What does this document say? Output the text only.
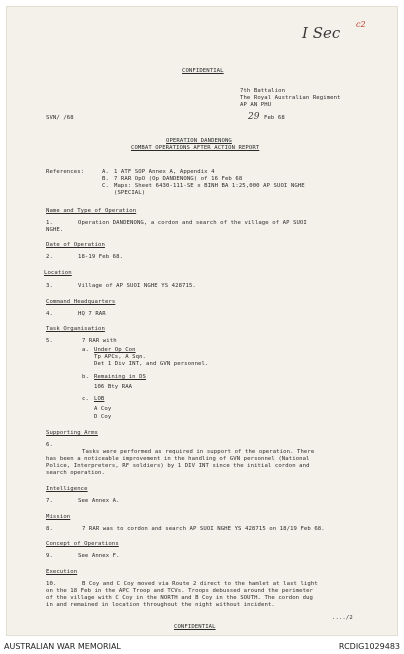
I Sec c2
CONFIDENTIAL
7th Battalion
The Royal Australian Regiment
AP AN PHU
29 Feb 68
SVN/ /68
OPERATION DANDENONG
COMBAT OPERATIONS AFTER ACTION REPORT
References:	A. 1 ATF SOP Annex A, Appendix 4
B. 7 RAR OpO (Op DANDENONG) of 16 Feb 68
C. Maps: Sheet 6430-111-SE x BINH BA 1:25,000 AP SUOI NGHE
(SPECIAL)
Name and Type of Operation
1.	Operation DANDENONG, a cordon and search of the village of AP SUOI
NGHE.
Date of Operation
2.	18-19 Feb 68.
Location
3.	Village of AP SUOI NGHE YS 428715.
Command Headquarters
4.	HQ 7 RAR
Task Organisation
5.	7 RAR with
a. Under Op Con
Tp APCs, A Sqn.
Det 1 Div INT, and GVN personnel.
b. Remaining in DS
106 Bty RAA
c. LOB
A Coy
D Coy
Supporting Arms
6.
Tasks were performed as required in support of the operation. There
has been a noticeable improvement in the handling of GVN personnel (National
Police, Interpreters, RF soldiers) by 1 DIV INT since the initial cordon and
search operation.
Intelligence
7.	See Annex A.
Mission
8.	7 RAR was to cordon and search AP SUOI NGHE YS 428715 on 18/19 Feb 68.
Concept of Operations
9.	See Annex F.
Execution
10.	B Coy and C Coy moved via Route 2 direct to the hamlet at last light
on the 18 Feb in the APC Troop and TCVs. Troops debussed around the perimeter
of the village with C Coy in the NORTH and B Coy in the SOUTH. The cordon dug
in and remained in location throughout the night without incident.
..../2
CONFIDENTIAL
AUSTRALIAN WAR MEMORIAL	RCDIG1029483
